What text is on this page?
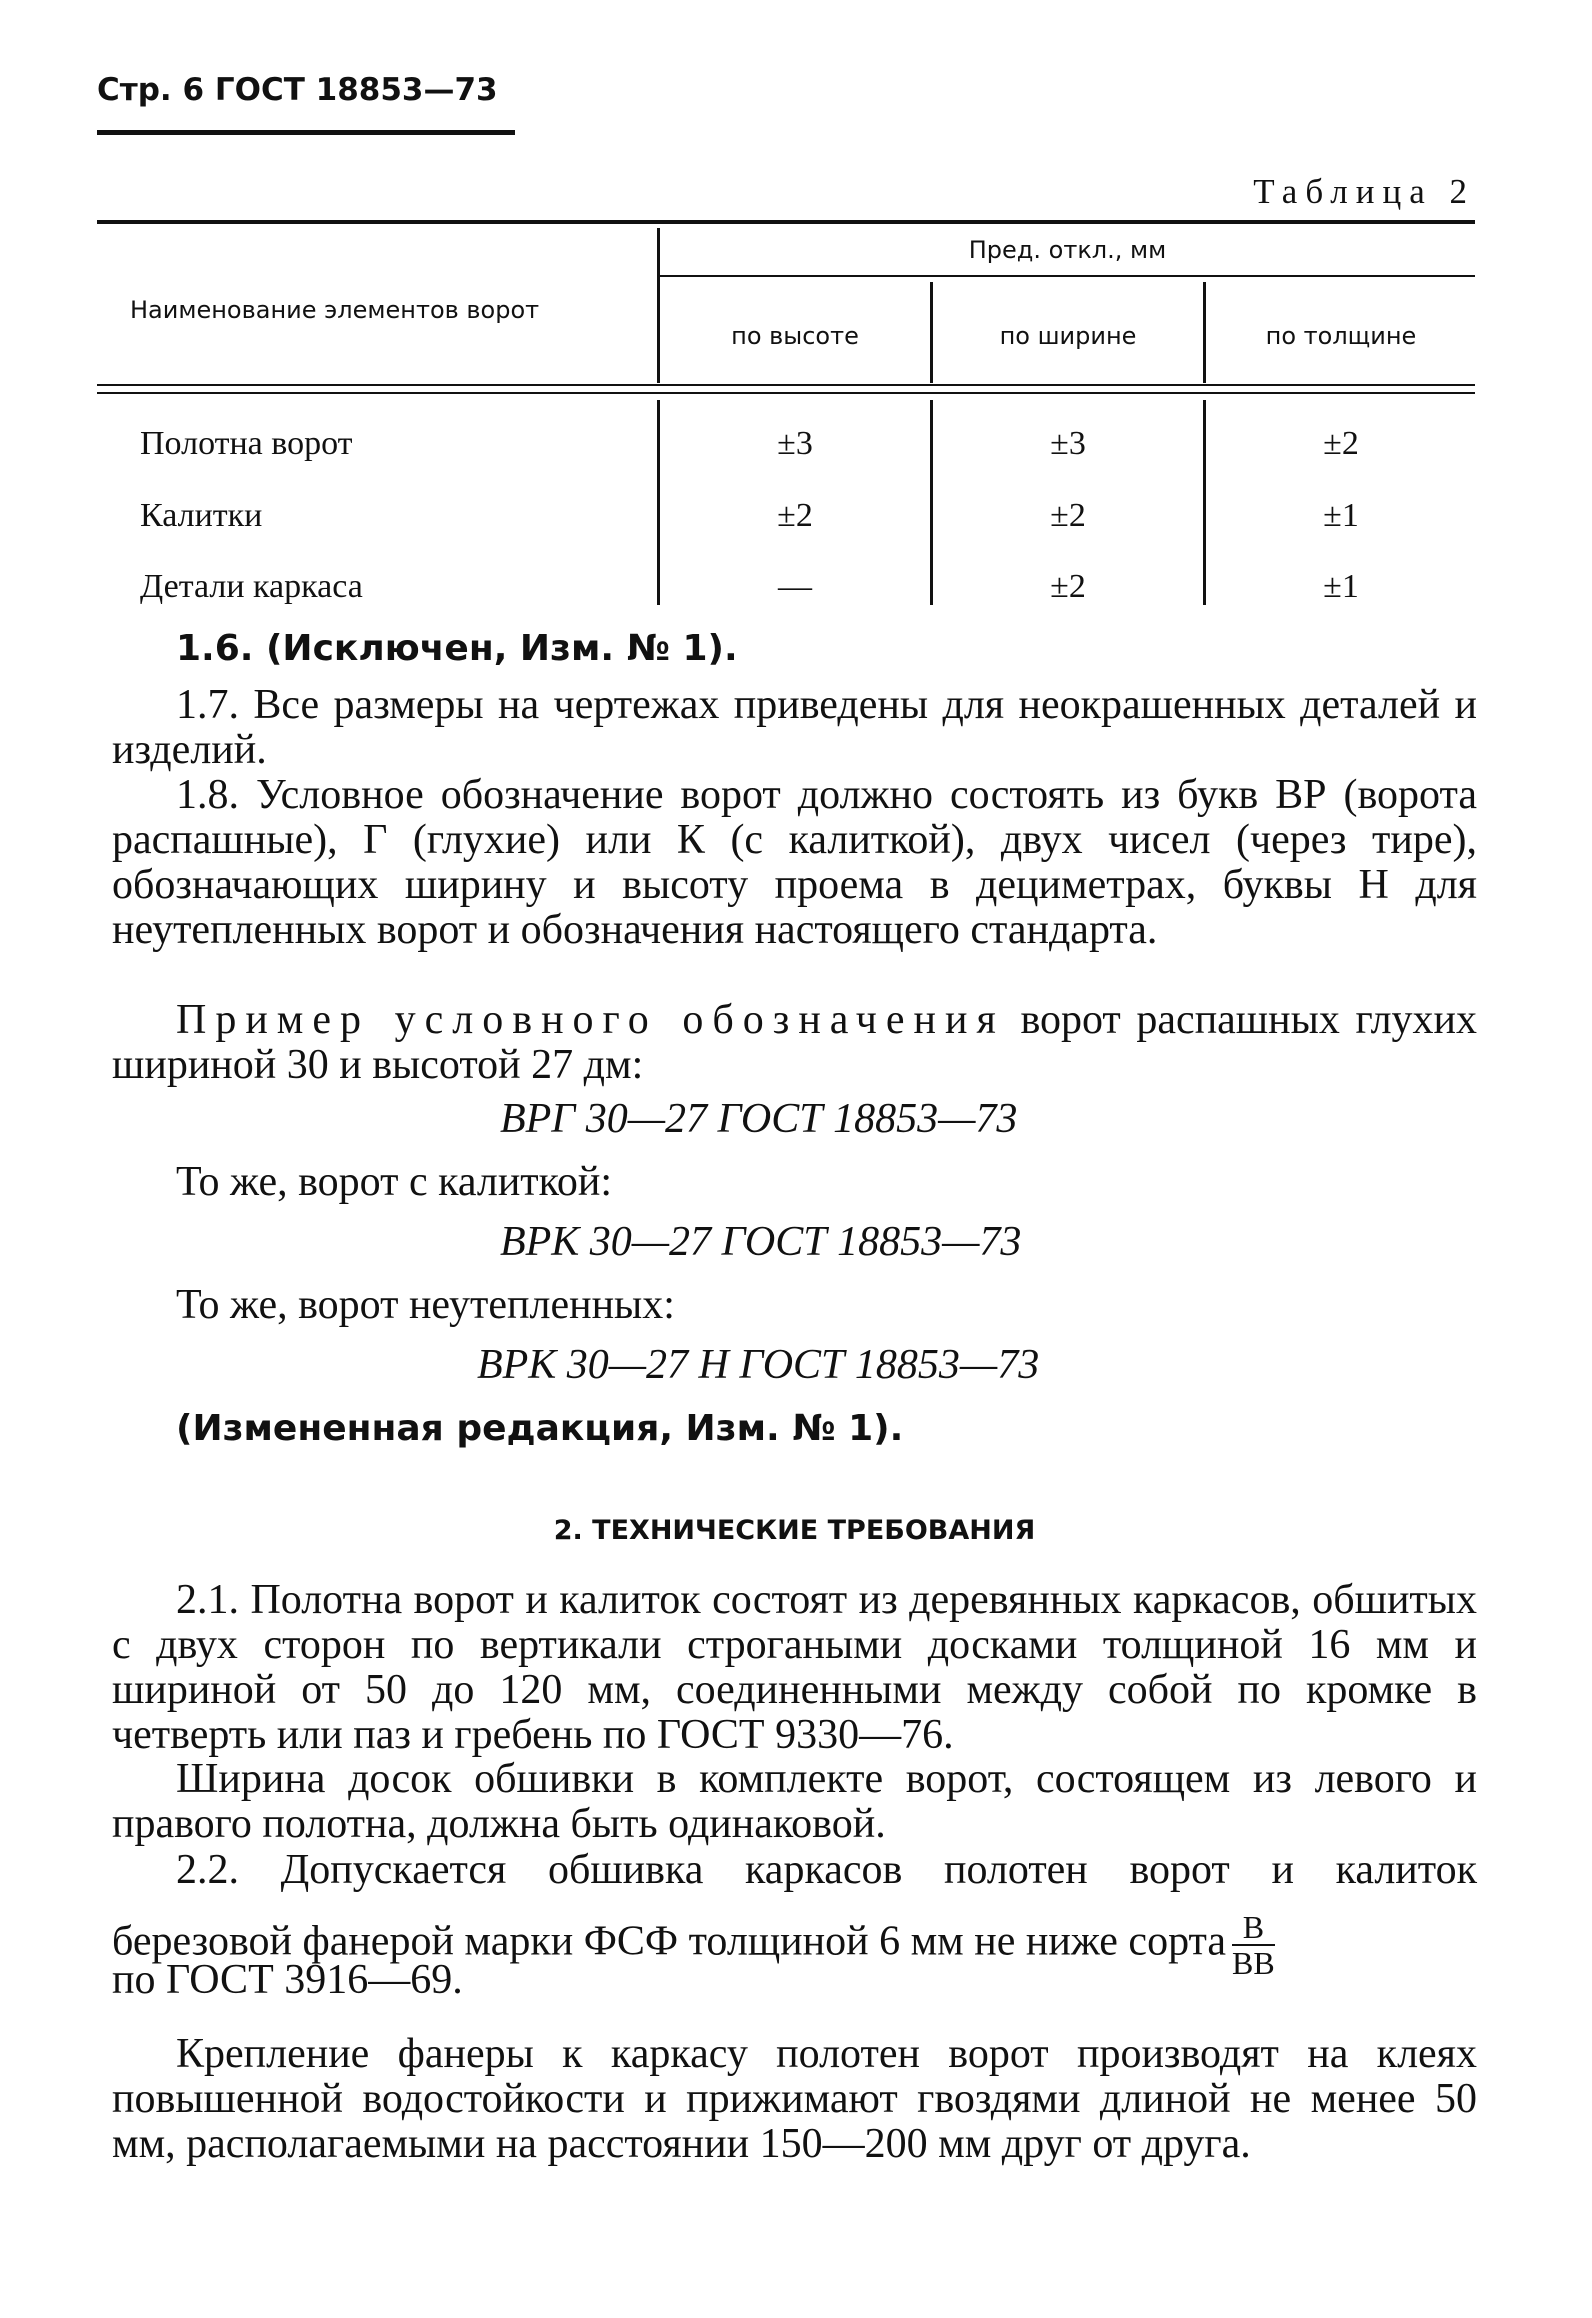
Стр. 6 ГОСТ 18853—73
Таблица 2
Наименование элементов ворот
Пред. откл., мм
по высоте	по ширине	по толщине
Полотна ворот	±3	±3	±2
Калитки	±2	±2	±1
Детали каркаса	—	±2	±1
1.6. (Исключен, Изм. № 1).
1.7. Все размеры на чертежах приведены для неокрашенных деталей и изделий.
1.8. Условное обозначение ворот должно состоять из букв ВР (ворота распашные), Г (глухие) или К (с калиткой), двух чисел (через тире), обозначающих ширину и высоту проема в дециметрах, буквы Н для неутепленных ворот и обозначения настоящего стандарта.
Пример условного обозначения ворот распашных глухих шириной 30 и высотой 27 дм:
ВРГ 30—27 ГОСТ 18853—73
То же, ворот с калиткой:
ВРК 30—27 ГОСТ 18853—73
То же, ворот неутепленных:
ВРК 30—27 Н ГОСТ 18853—73
(Измененная редакция, Изм. № 1).
2. ТЕХНИЧЕСКИЕ ТРЕБОВАНИЯ
2.1. Полотна ворот и калиток состоят из деревянных каркасов, обшитых с двух сторон по вертикали строгаными досками толщиной 16 мм и шириной от 50 до 120 мм, соединенными между собой по кромке в четверть или паз и гребень по ГОСТ 9330—76.
Ширина досок обшивки в комплекте ворот, состоящем из левого и правого полотна, должна быть одинаковой.
2.2. Допускается обшивка каркасов полотен ворот и калиток
березовой фанерой марки ФСФ толщиной 6 мм не ниже сорта $\frac{В}{ВВ}$
по ГОСТ 3916—69.
Крепление фанеры к каркасу полотен ворот производят на клеях повышенной водостойкости и прижимают гвоздями длиной не менее 50 мм, располагаемыми на расстоянии 150—200 мм друг от друга.
